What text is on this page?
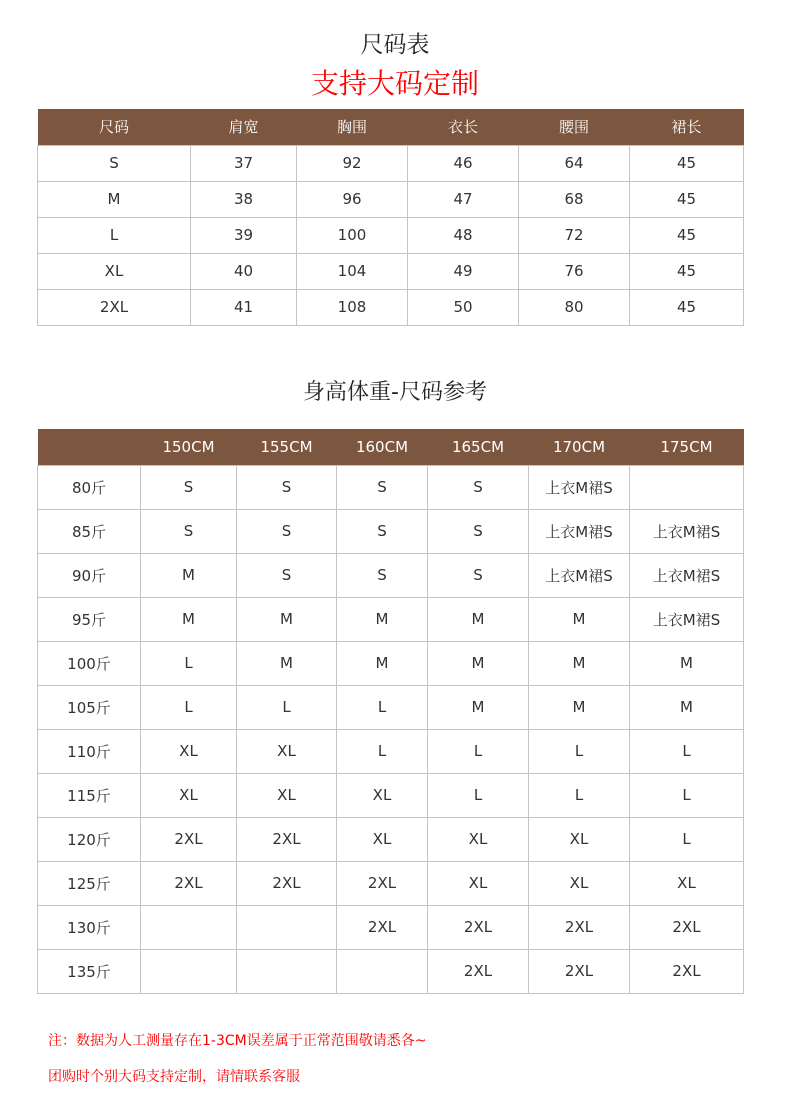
尺码表
支持大码定制
尺码	肩宽	胸围	衣长	腰围	裙长
S	37	92	46	64	45
M	38	96	47	68	45
L	39	100	48	72	45
XL	40	104	49	76	45
2XL	41	108	50	80	45
身高体重-尺码参考
	150CM	155CM	160CM	165CM	170CM	175CM
80斤	S	S	S	S	上衣M裙S	
85斤	S	S	S	S	上衣M裙S	上衣M裙S
90斤	M	S	S	S	上衣M裙S	上衣M裙S
95斤	M	M	M	M	M	上衣M裙S
100斤	L	M	M	M	M	M
105斤	L	L	L	M	M	M
110斤	XL	XL	L	L	L	L
115斤	XL	XL	XL	L	L	L
120斤	2XL	2XL	XL	XL	XL	L
125斤	2XL	2XL	2XL	XL	XL	XL
130斤			2XL	2XL	2XL	2XL
135斤				2XL	2XL	2XL
注：数据为人工测量存在1-3CM误差属于正常范围敬请悉各~
团购时个别大码支持定制，请情联系客服
